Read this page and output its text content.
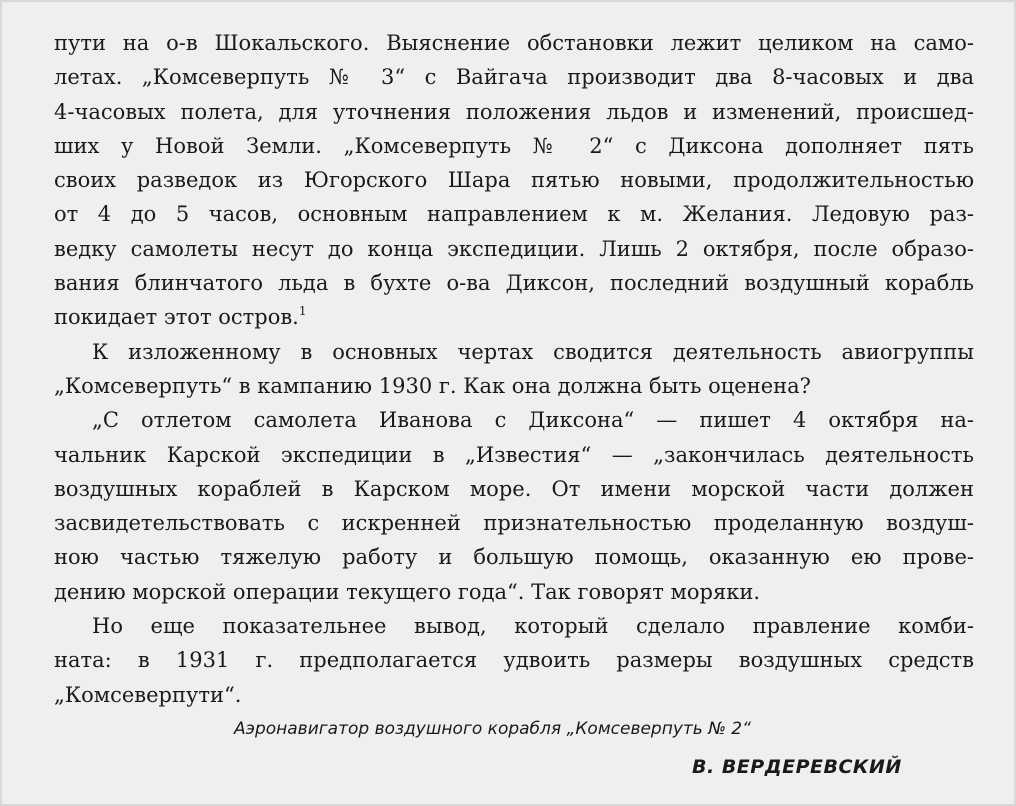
пути на о-в Шокальского. Выяснение обстановки лежит целиком на само-
летах. „Комсеверпуть № 3“ с Вайгача производит два 8-часовых и два
4-часовых полета, для уточнения положения льдов и изменений, происшед-
ших у Новой Земли. „Комсеверпуть № 2“ с Диксона дополняет пять
своих разведок из Югорского Шара пятью новыми, продолжительностью
от 4 до 5 часов, основным направлением к м. Желания. Ледовую раз-
ведку самолеты несут до конца экспедиции. Лишь 2 октября, после образо-
вания блинчатого льда в бухте о-ва Диксон, последний воздушный корабль
покидает этот остров.$^1$
К изложенному в основных чертах сводится деятельность авиогруппы
„Комсеверпуть“ в кампанию 1930 г. Как она должна быть оценена?
„С отлетом самолета Иванова с Диксона“ — пишет 4 октября на-
чальник Карской экспедиции в „Известия“ — „закончилась деятельность
воздушных кораблей в Карском море. От имени морской части должен
засвидетельствовать с искренней признательностью проделанную воздуш-
ною частью тяжелую работу и большую помощь, оказанную ею прове-
дению морской операции текущего года“. Так говорят моряки.
Но еще показательнее вывод, который сделало правление комби-
ната: в 1931 г. предполагается удвоить размеры воздушных средств
„Комсеверпути“.
Аэронавигатор воздушного корабля „Комсеверпуть № 2“
В. ВЕРДЕРЕВСКИЙ
